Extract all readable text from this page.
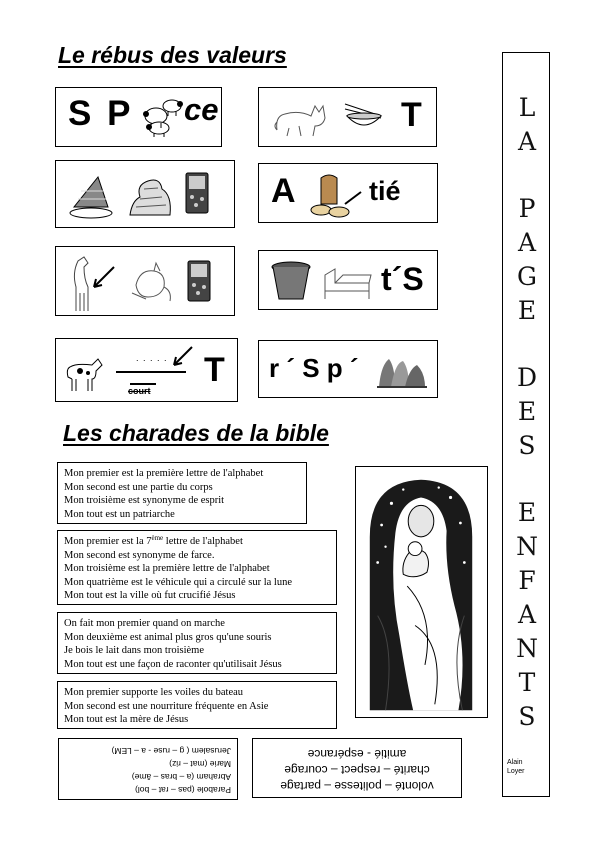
Le rébus des valeurs
S P ce	T
A	tié
t´S
. . . . .
court
T r ´ S p ´
Les charades de la bible

Mon premier est la première lettre de l'alphabet

Mon second est une partie du corps

Mon troisième est synonyme de esprit

Mon tout est un patriarche

Mon premier est la 7ème lettre de l'alphabet

Mon second est synonyme de farce.

Mon troisième est la première lettre de l'alphabet

Mon quatrième est le véhicule qui a circulé sur la lune

Mon tout est la ville où fut crucifié Jésus

On fait mon premier quand on marche

Mon deuxième est animal plus gros qu'une souris

Je bois le lait dans mon troisième

Mon tout est une façon de raconter qu'utilisait Jésus

Mon premier supporte les voiles du bateau

Mon second est une nourriture fréquente en Asie

Mon tout est la mère de Jésus

Parabole (pas – rat – bol)

Abraham (a – bras – âme)

Marie (mat – riz)

Jerusalem ( g – ruse - a – LEM)

volonté – politesse – partage

charité – respect – courage

amitié - espérance

L
A
P
A
G
E
D
E
S
E
N
F
A
N
T
S

Alain

Loyer
